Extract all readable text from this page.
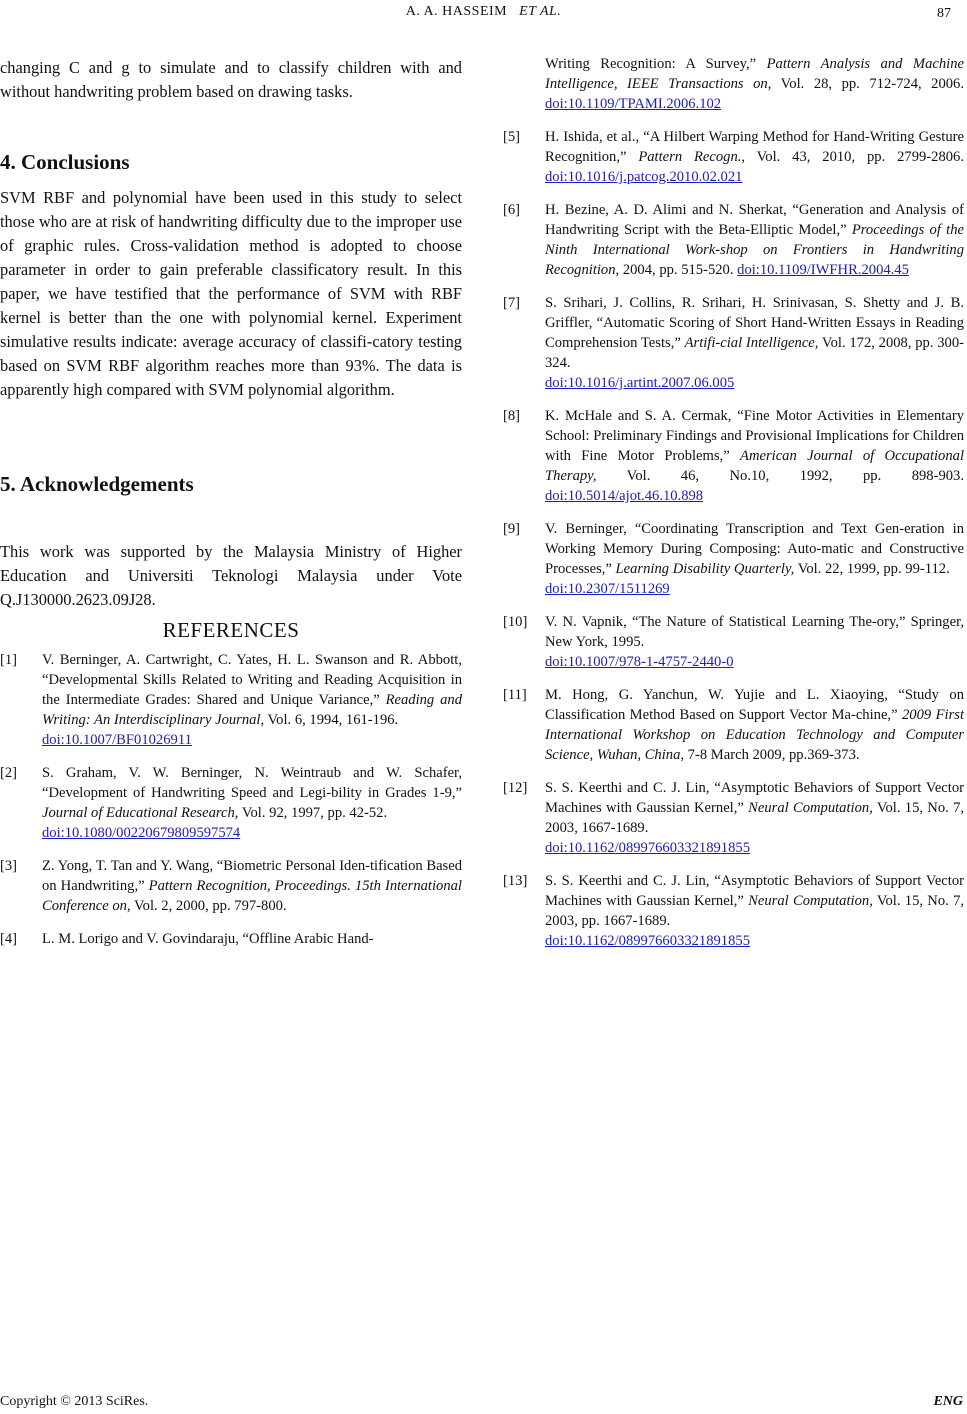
A. A. HASSEIM ET AL.	87

changing C and g to simulate and to classify children with and without handwriting problem based on drawing tasks.

4. Conclusions

SVM RBF and polynomial have been used in this study to select those who are at risk of handwriting difficulty due to the improper use of graphic rules. Cross-validation method is adopted to choose parameter in order to gain preferable classificatory result. In this paper, we have testified that the performance of SVM with RBF kernel is better than the one with polynomial kernel. Experiment simulative results indicate: average accuracy of classifi-catory testing based on SVM RBF algorithm reaches more than 93%. The data is apparently high compared with SVM polynomial algorithm.

5. Acknowledgements

This work was supported by the Malaysia Ministry of Higher Education and Universiti Teknologi Malaysia under Vote Q.J130000.2623.09J28.

REFERENCES
[1] V. Berninger, A. Cartwright, C. Yates, H. L. Swanson and R. Abbott, “Developmental Skills Related to Writing and Reading Acquisition in the Intermediate Grades: Shared and Unique Variance,” Reading and Writing: An Interdisciplinary Journal, Vol. 6, 1994, 161-196.
doi:10.1007/BF01026911
[2] S. Graham, V. W. Berninger, N. Weintraub and W. Schafer, “Development of Handwriting Speed and Legi-bility in Grades 1-9,” Journal of Educational Research, Vol. 92, 1997, pp. 42-52.
doi:10.1080/00220679809597574
[3] Z. Yong, T. Tan and Y. Wang, “Biometric Personal Iden-tification Based on Handwriting,” Pattern Recognition, Proceedings. 15th International Conference on, Vol. 2, 2000, pp. 797-800.
[4] L. M. Lorigo and V. Govindaraju, “Offline Arabic Hand-
Writing Recognition: A Survey,” Pattern Analysis and Machine Intelligence, IEEE Transactions on, Vol. 28, pp. 712-724, 2006. doi:10.1109/TPAMI.2006.102
[5] H. Ishida, et al., “A Hilbert Warping Method for Hand-Writing Gesture Recognition,” Pattern Recogn., Vol. 43, 2010, pp. 2799-2806. doi:10.1016/j.patcog.2010.02.021
[6] H. Bezine, A. D. Alimi and N. Sherkat, “Generation and Analysis of Handwriting Script with the Beta-Elliptic Model,” Proceedings of the Ninth International Work-shop on Frontiers in Handwriting Recognition, 2004, pp. 515-520. doi:10.1109/IWFHR.2004.45
[7] S. Srihari, J. Collins, R. Srihari, H. Srinivasan, S. Shetty and J. B. Griffler, “Automatic Scoring of Short Hand-Written Essays in Reading Comprehension Tests,” Artifi-cial Intelligence, Vol. 172, 2008, pp. 300-324.
doi:10.1016/j.artint.2007.06.005
[8] K. McHale and S. A. Cermak, “Fine Motor Activities in Elementary School: Preliminary Findings and Provisional Implications for Children with Fine Motor Problems,” American Journal of Occupational Therapy, Vol. 46, No.10, 1992, pp. 898-903. doi:10.5014/ajot.46.10.898
[9] V. Berninger, “Coordinating Transcription and Text Gen-eration in Working Memory During Composing: Auto-matic and Constructive Processes,” Learning Disability Quarterly, Vol. 22, 1999, pp. 99-112.
doi:10.2307/1511269
[10] V. N. Vapnik, “The Nature of Statistical Learning The-ory,” Springer, New York, 1995.
doi:10.1007/978-1-4757-2440-0
[11] M. Hong, G. Yanchun, W. Yujie and L. Xiaoying, “Study on Classification Method Based on Support Vector Ma-chine,” 2009 First International Workshop on Education Technology and Computer Science, Wuhan, China, 7-8 March 2009, pp.369-373.
[12] S. S. Keerthi and C. J. Lin, “Asymptotic Behaviors of Support Vector Machines with Gaussian Kernel,” Neural Computation, Vol. 15, No. 7, 2003, 1667-1689.
doi:10.1162/089976603321891855
[13] S. S. Keerthi and C. J. Lin, “Asymptotic Behaviors of Support Vector Machines with Gaussian Kernel,” Neural Computation, Vol. 15, No. 7, 2003, pp. 1667-1689.
doi:10.1162/089976603321891855
Copyright © 2013 SciRes.	ENG
